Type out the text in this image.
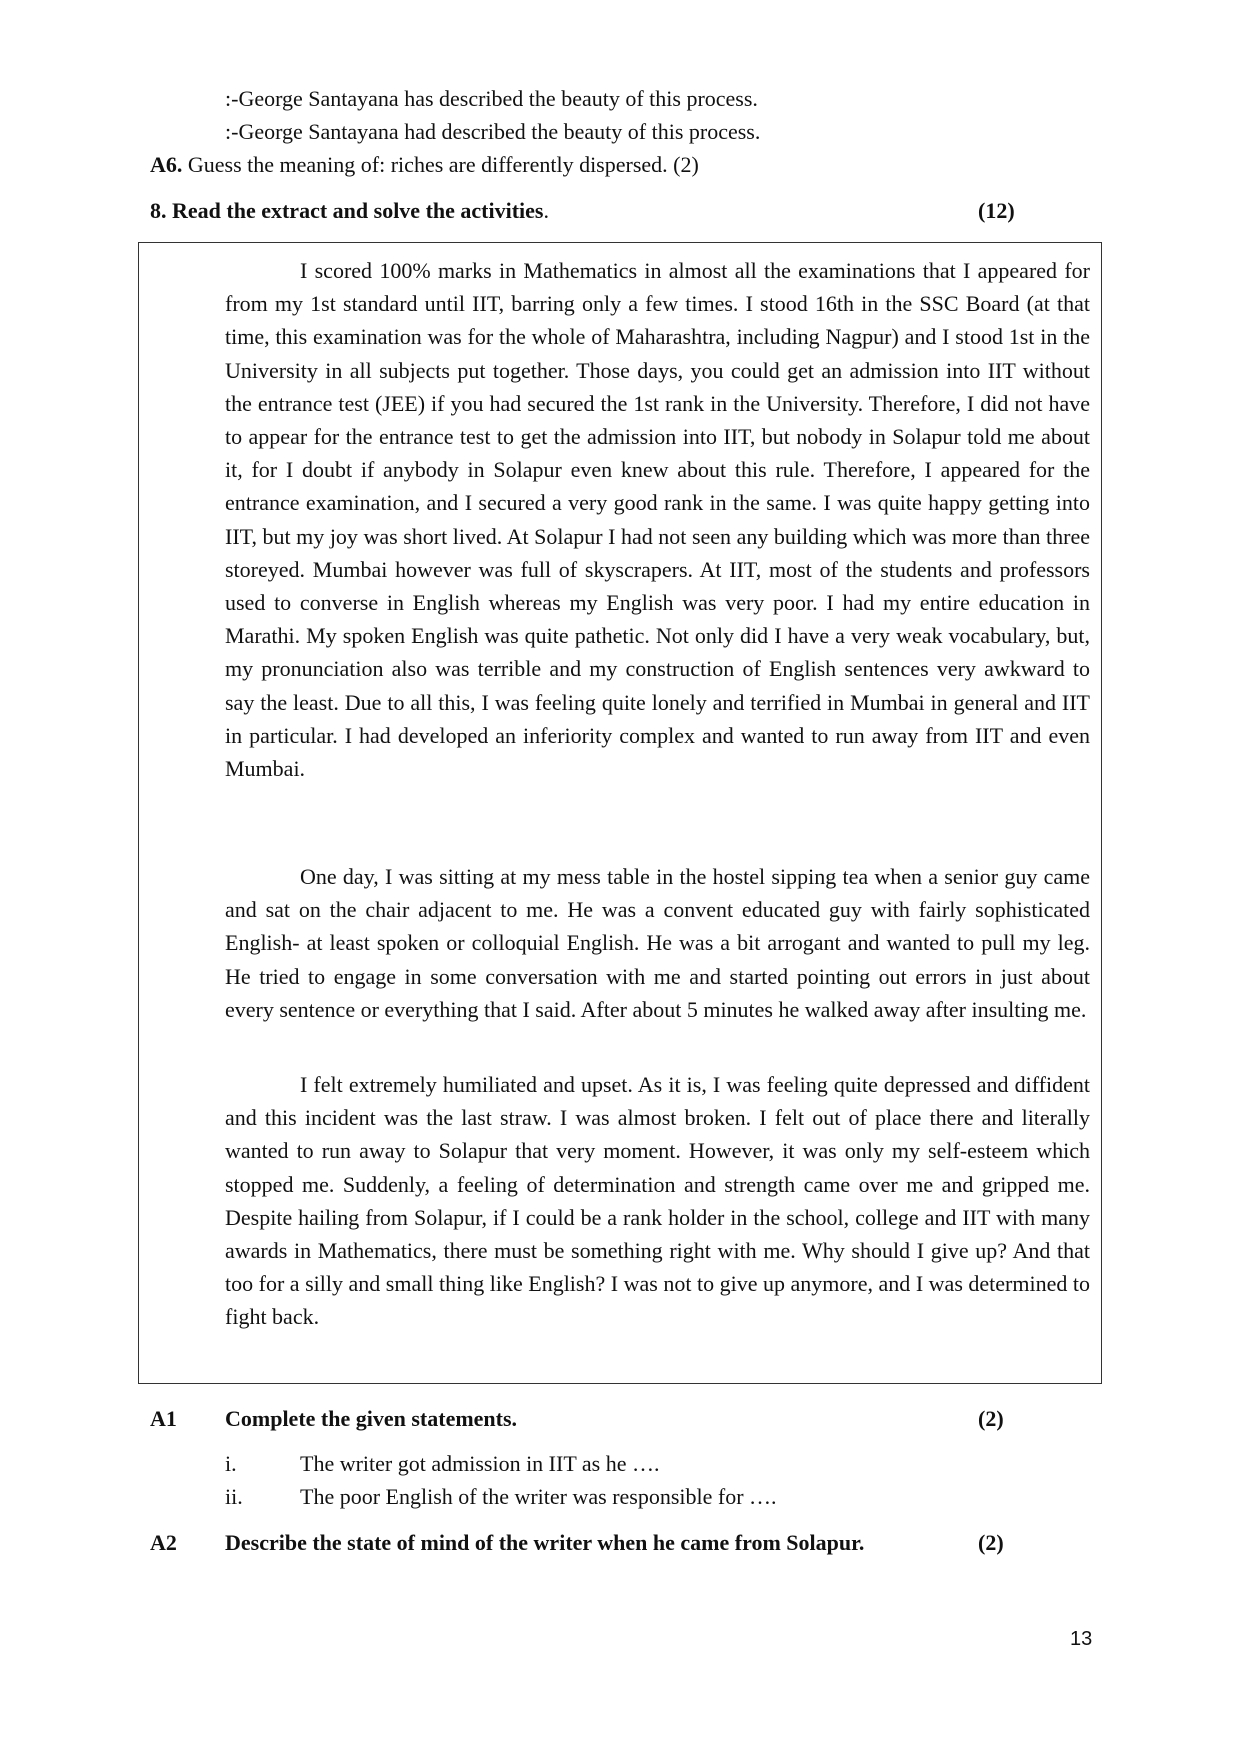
:-George Santayana has described the beauty of this process.
:-George Santayana had described the beauty of this process.
A6. Guess the meaning of: riches are differently dispersed. (2)
8. Read the extract and solve the activities.	(12)

I scored 100% marks in Mathematics in almost all the examinations that I appeared for from my 1st standard until IIT, barring only a few times. I stood 16th in the SSC Board (at that time, this examination was for the whole of Maharashtra, including Nagpur) and I stood 1st in the University in all subjects put together. Those days, you could get an admission into IIT without the entrance test (JEE) if you had secured the 1st rank in the University. Therefore, I did not have to appear for the entrance test to get the admission into IIT, but nobody in Solapur told me about it, for I doubt if anybody in Solapur even knew about this rule. Therefore, I appeared for the entrance examination, and I secured a very good rank in the same. I was quite happy getting into IIT, but my joy was short lived. At Solapur I had not seen any building which was more than three storeyed. Mumbai however was full of skyscrapers. At IIT, most of the students and professors used to converse in English whereas my English was very poor. I had my entire education in Marathi. My spoken English was quite pathetic. Not only did I have a very weak vocabulary, but, my pronunciation also was terrible and my construction of English sentences very awkward to say the least. Due to all this, I was feeling quite lonely and terrified in Mumbai in general and IIT in particular. I had developed an inferiority complex and wanted to run away from IIT and even Mumbai.

One day, I was sitting at my mess table in the hostel sipping tea when a senior guy came and sat on the chair adjacent to me. He was a convent educated guy with fairly sophisticated English- at least spoken or colloquial English. He was a bit arrogant and wanted to pull my leg. He tried to engage in some conversation with me and started pointing out errors in just about every sentence or everything that I said. After about 5 minutes he walked away after insulting me.

I felt extremely humiliated and upset. As it is, I was feeling quite depressed and diffident and this incident was the last straw. I was almost broken. I felt out of place there and literally wanted to run away to Solapur that very moment. However, it was only my self-esteem which stopped me. Suddenly, a feeling of determination and strength came over me and gripped me. Despite hailing from Solapur, if I could be a rank holder in the school, college and IIT with many awards in Mathematics, there must be something right with me. Why should I give up? And that too for a silly and small thing like English? I was not to give up anymore, and I was determined to fight back.

A1 Complete the given statements.	(2)
i.	The writer got admission in IIT as he ….
ii.	The poor English of the writer was responsible for ….
A2 Describe the state of mind of the writer when he came from Solapur.	(2)
13
